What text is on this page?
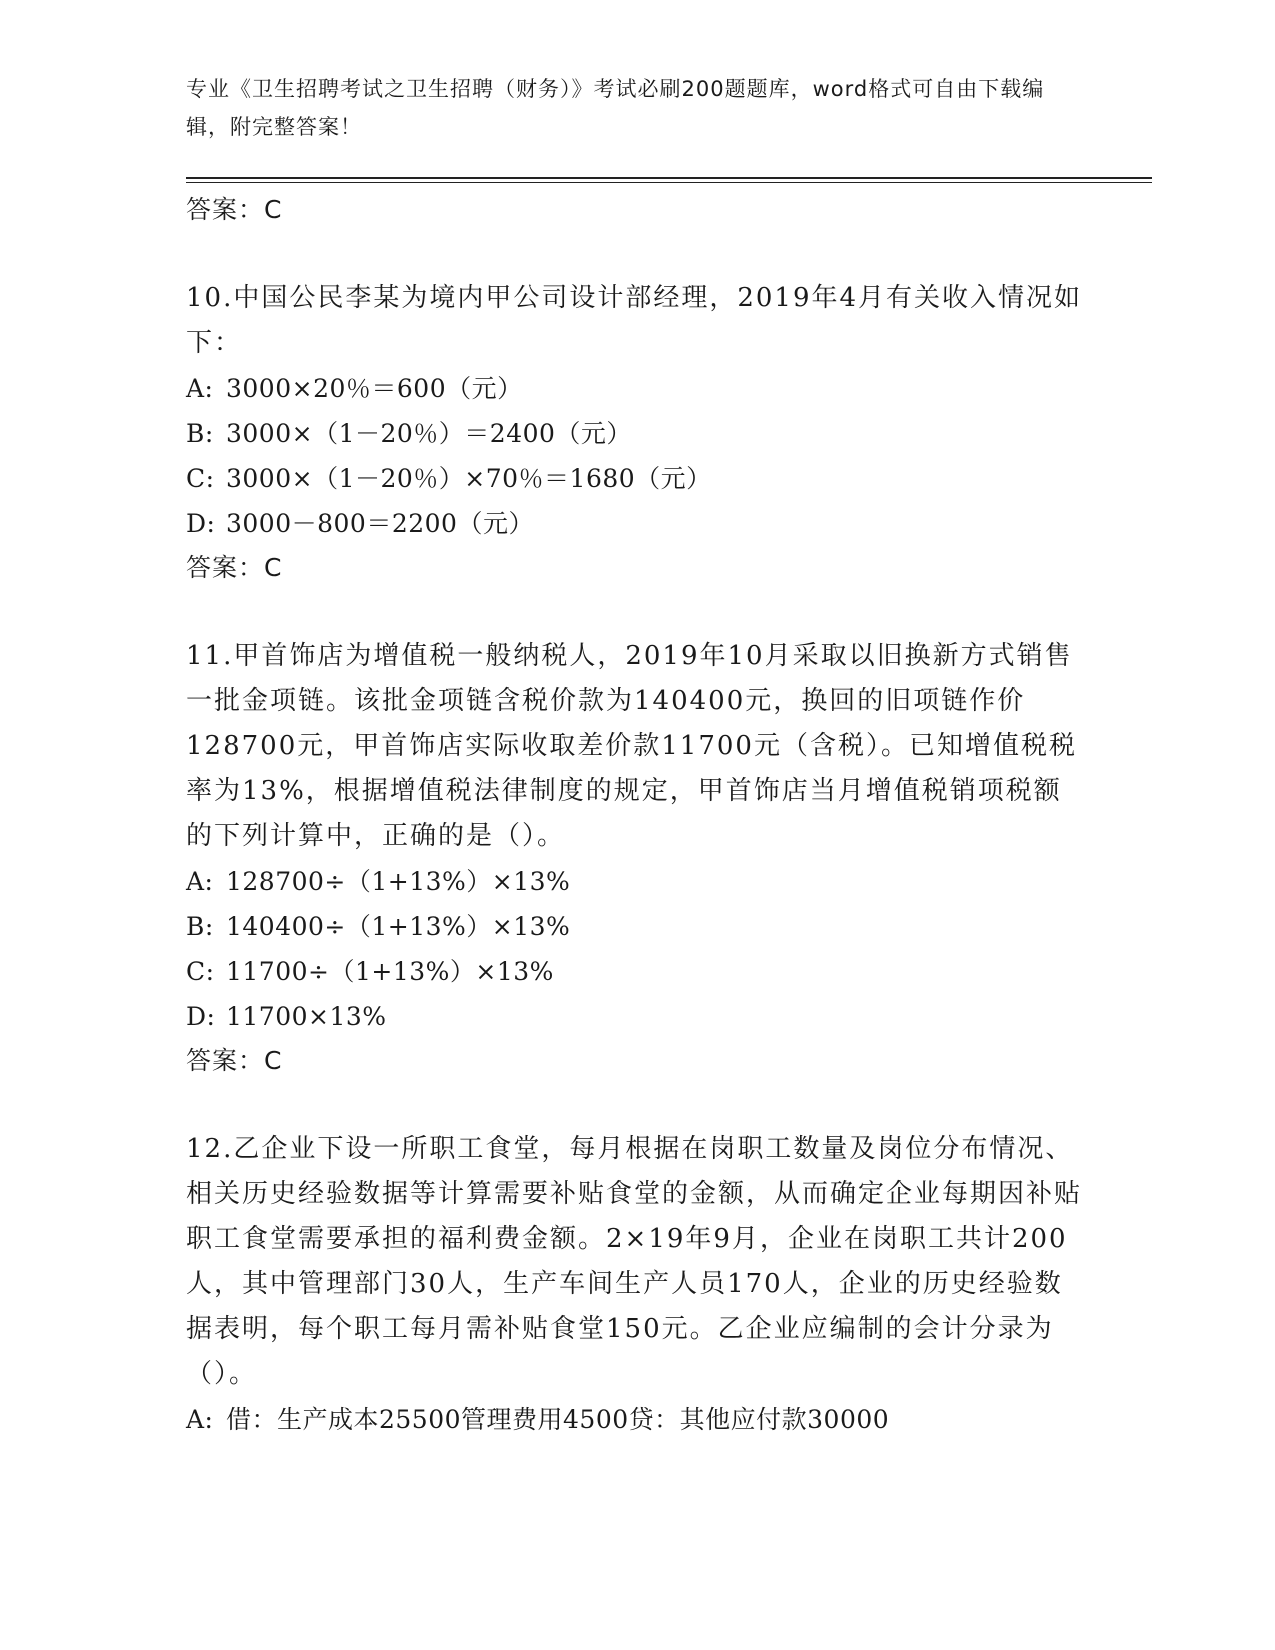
专业《卫生招聘考试之卫生招聘（财务）》考试必刷200题题库，word格式可自由下载编辑，附完整答案！
答案：C
10.中国公民李某为境内甲公司设计部经理，2019年4月有关收入情况如下：
A: 3000×20％＝600（元）
B: 3000×（1－20％）＝2400（元）
C: 3000×（1－20％）×70％＝1680（元）
D: 3000－800＝2200（元）
答案：C
11.甲首饰店为增值税一般纳税人，2019年10月采取以旧换新方式销售一批金项链。该批金项链含税价款为140400元，换回的旧项链作价128700元，甲首饰店实际收取差价款11700元（含税）。已知增值税税率为13%，根据增值税法律制度的规定，甲首饰店当月增值税销项税额的下列计算中，正确的是（）。
A: 128700÷（1+13%）×13%
B: 140400÷（1+13%）×13%
C: 11700÷（1+13%）×13%
D: 11700×13%
答案：C
12.乙企业下设一所职工食堂，每月根据在岗职工数量及岗位分布情况、相关历史经验数据等计算需要补贴食堂的金额，从而确定企业每期因补贴职工食堂需要承担的福利费金额。2×19年9月，企业在岗职工共计200人，其中管理部门30人，生产车间生产人员170人，企业的历史经验数据表明，每个职工每月需补贴食堂150元。乙企业应编制的会计分录为（）。
A: 借：生产成本25500管理费用4500贷：其他应付款30000
